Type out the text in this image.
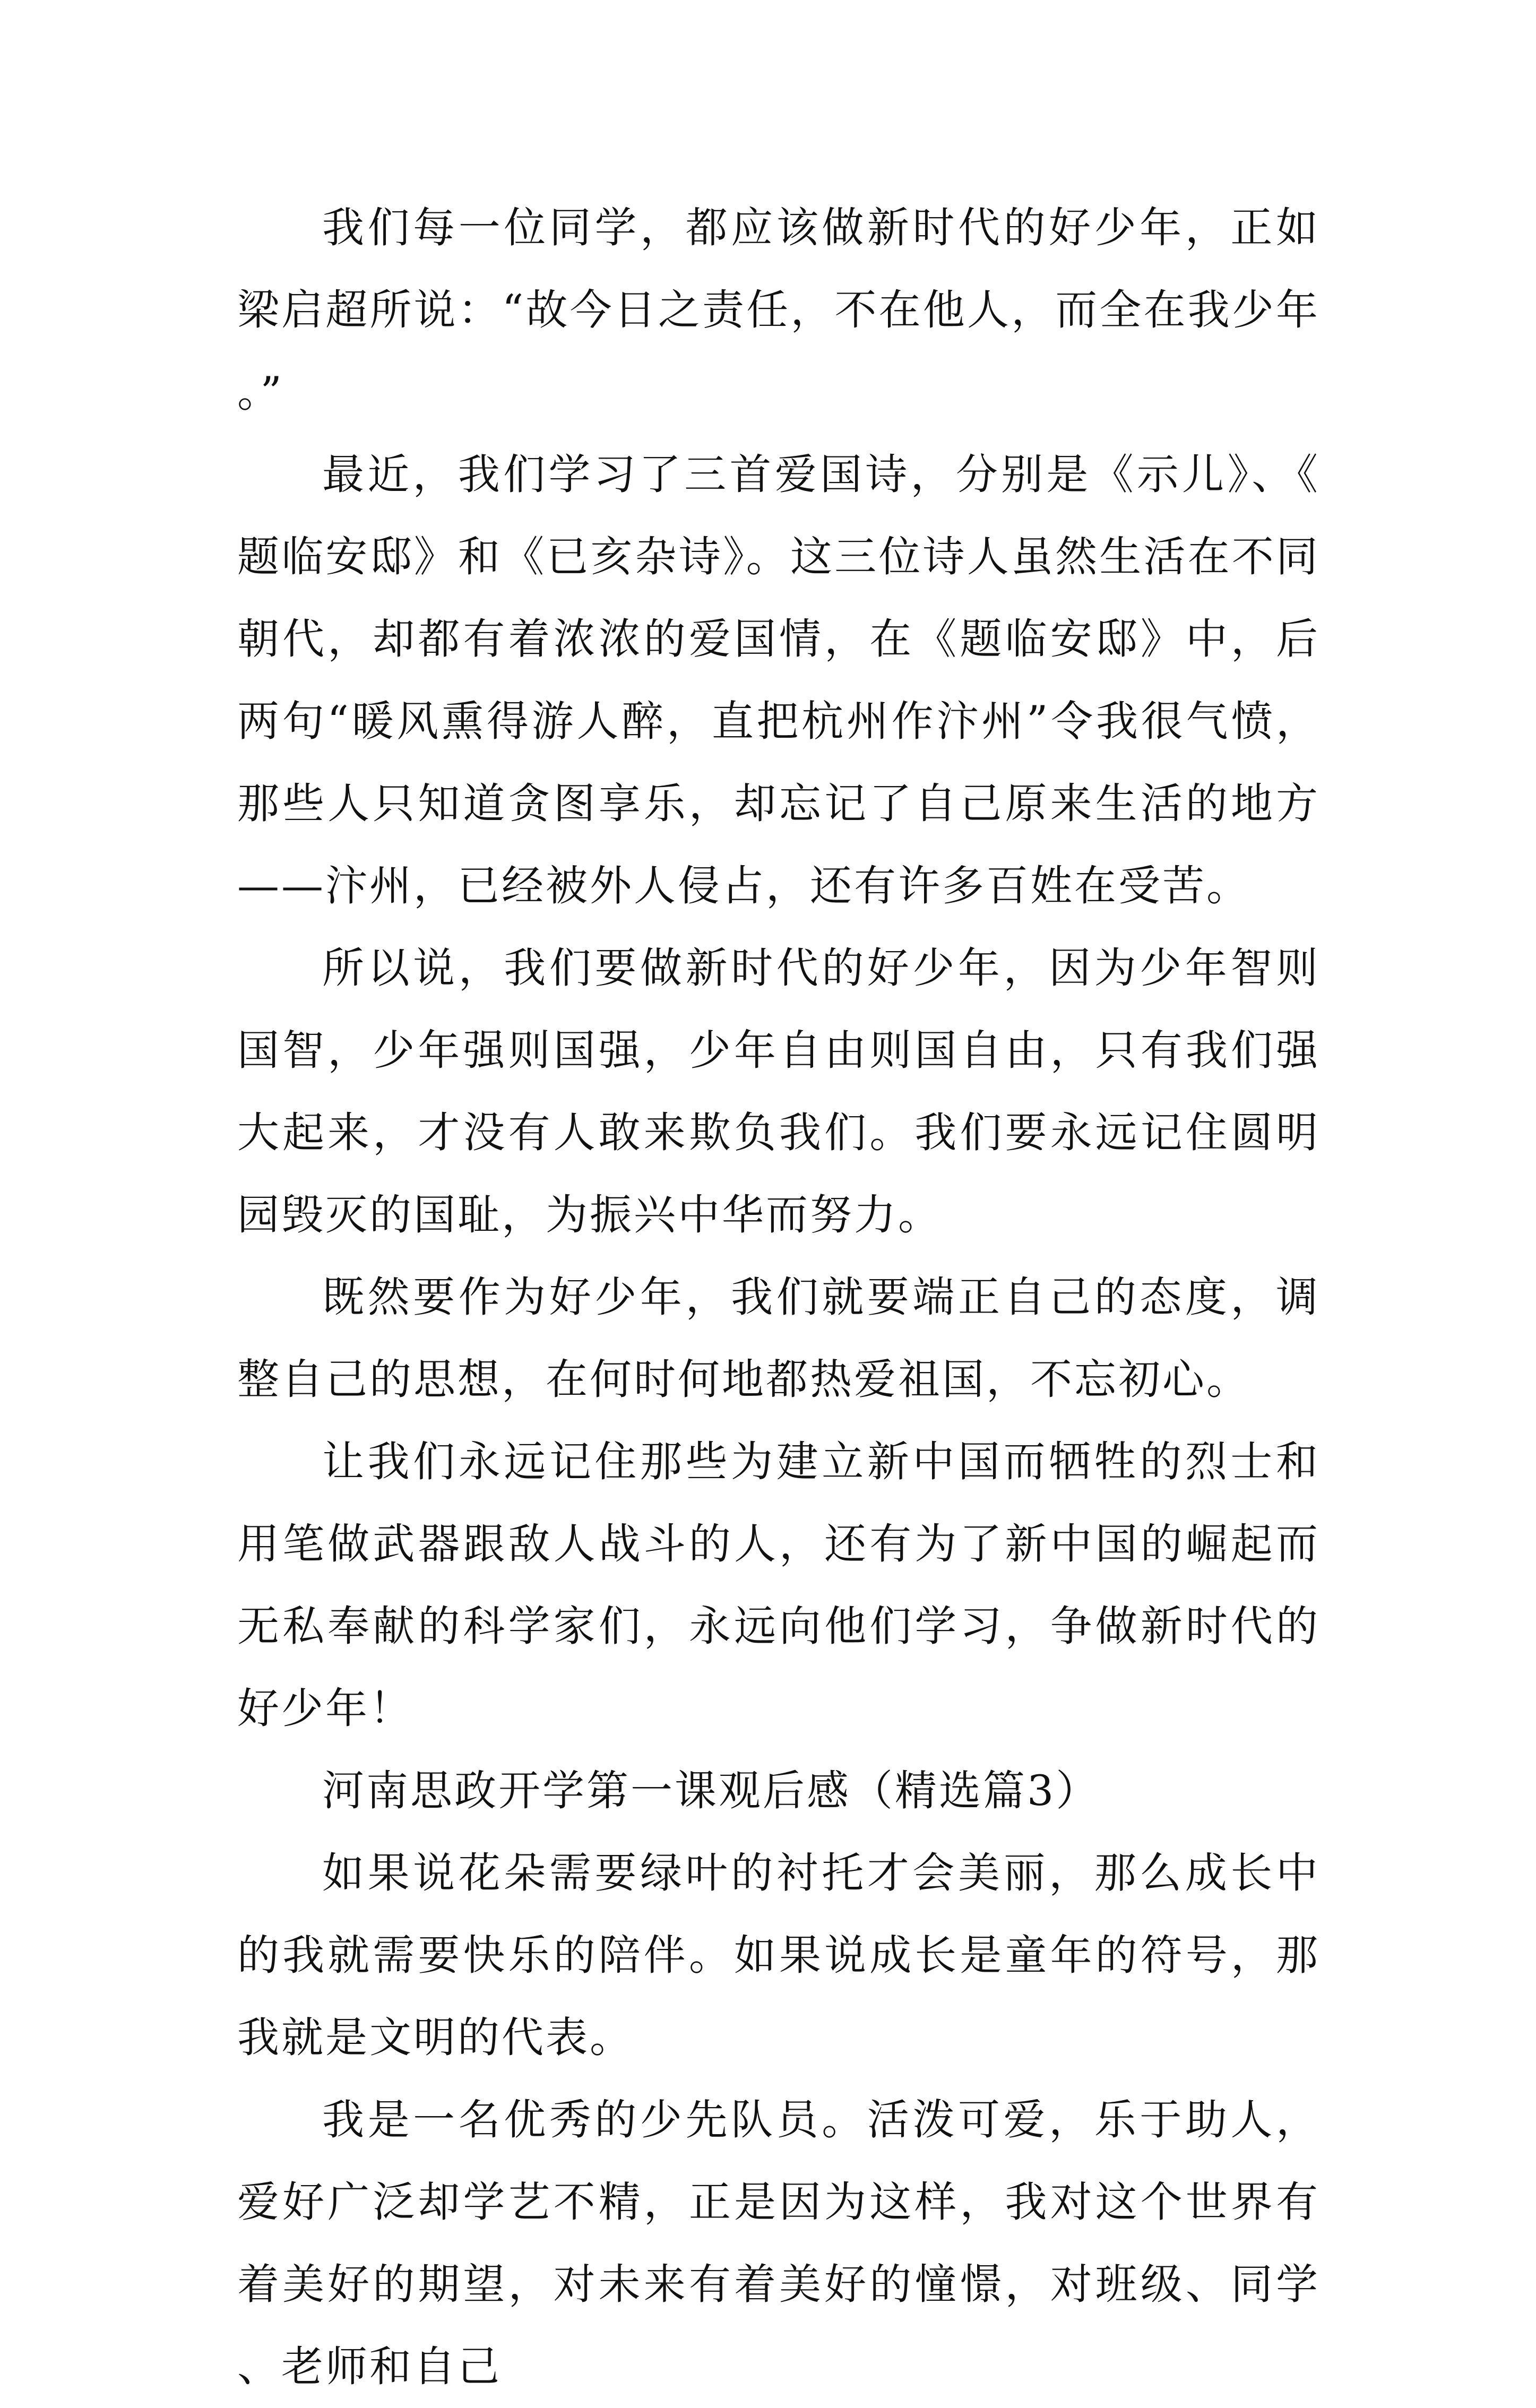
我们每一位同学，都应该做新时代的好少年，正如梁启超所说：“故今日之责任，不在他人，而全在我少年。”

最近，我们学习了三首爱国诗，分别是《示儿》、《题临安邸》和《已亥杂诗》。这三位诗人虽然生活在不同朝代，却都有着浓浓的爱国情，在《题临安邸》中，后两句“暖风熏得游人醉，直把杭州作汴州”令我很气愤，那些人只知道贪图享乐，却忘记了自己原来生活的地方——汴州，已经被外人侵占，还有许多百姓在受苦。

所以说，我们要做新时代的好少年，因为少年智则国智，少年强则国强，少年自由则国自由，只有我们强大起来，才没有人敢来欺负我们。我们要永远记住圆明园毁灭的国耻，为振兴中华而努力。

既然要作为好少年，我们就要端正自己的态度，调整自己的思想，在何时何地都热爱祖国，不忘初心。

让我们永远记住那些为建立新中国而牺牲的烈士和用笔做武器跟敌人战斗的人，还有为了新中国的崛起而无私奉献的科学家们，永远向他们学习，争做新时代的好少年！

河南思政开学第一课观后感（精选篇3）

如果说花朵需要绿叶的衬托才会美丽，那么成长中的我就需要快乐的陪伴。如果说成长是童年的符号，那我就是文明的代表。

我是一名优秀的少先队员。活泼可爱，乐于助人，爱好广泛却学艺不精，正是因为这样，我对这个世界有着美好的期望，对未来有着美好的憧憬，对班级、同学、老师和自己
